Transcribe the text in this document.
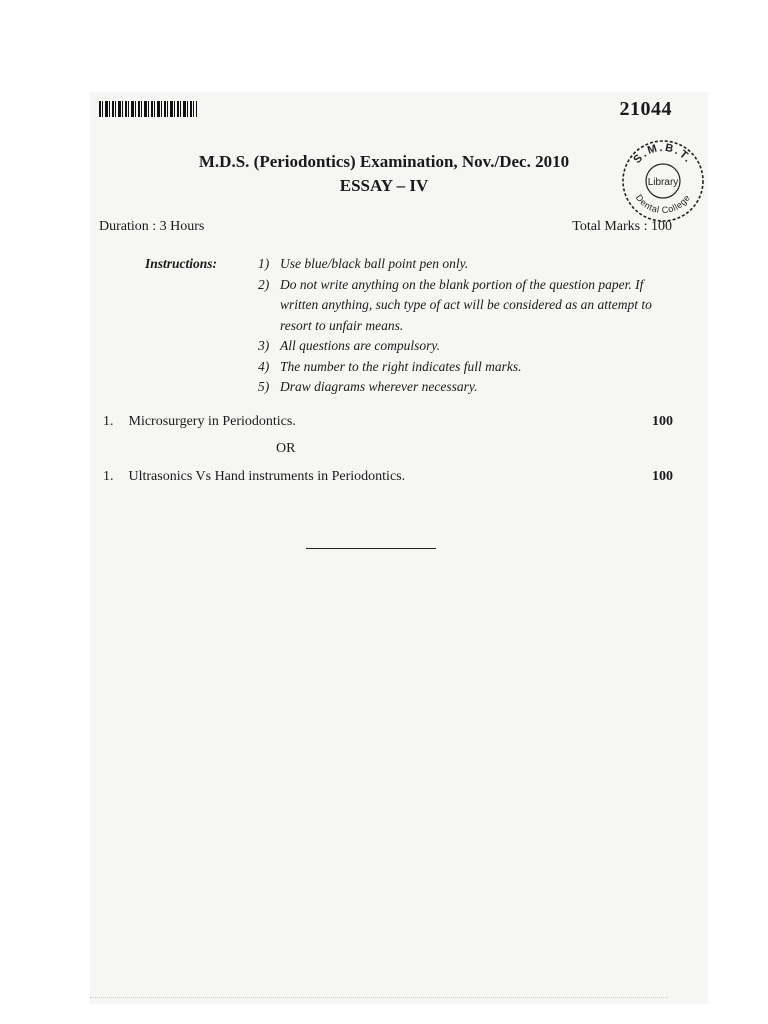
21044
S.M.B.T.
Library
Dental College
M.D.S. (Periodontics) Examination, Nov./Dec. 2010
ESSAY – IV
Duration : 3 Hours	Total Marks : 100
Instructions:	1) Use blue/black ball point pen only.
2) Do not write anything on the blank portion of the question paper. If written anything, such type of act will be considered as an attempt to resort to unfair means.
3) All questions are compulsory.
4) The number to the right indicates full marks.
5) Draw diagrams wherever necessary.
1. Microsurgery in Periodontics.	100
OR
1. Ultrasonics Vs Hand instruments in Periodontics.	100
